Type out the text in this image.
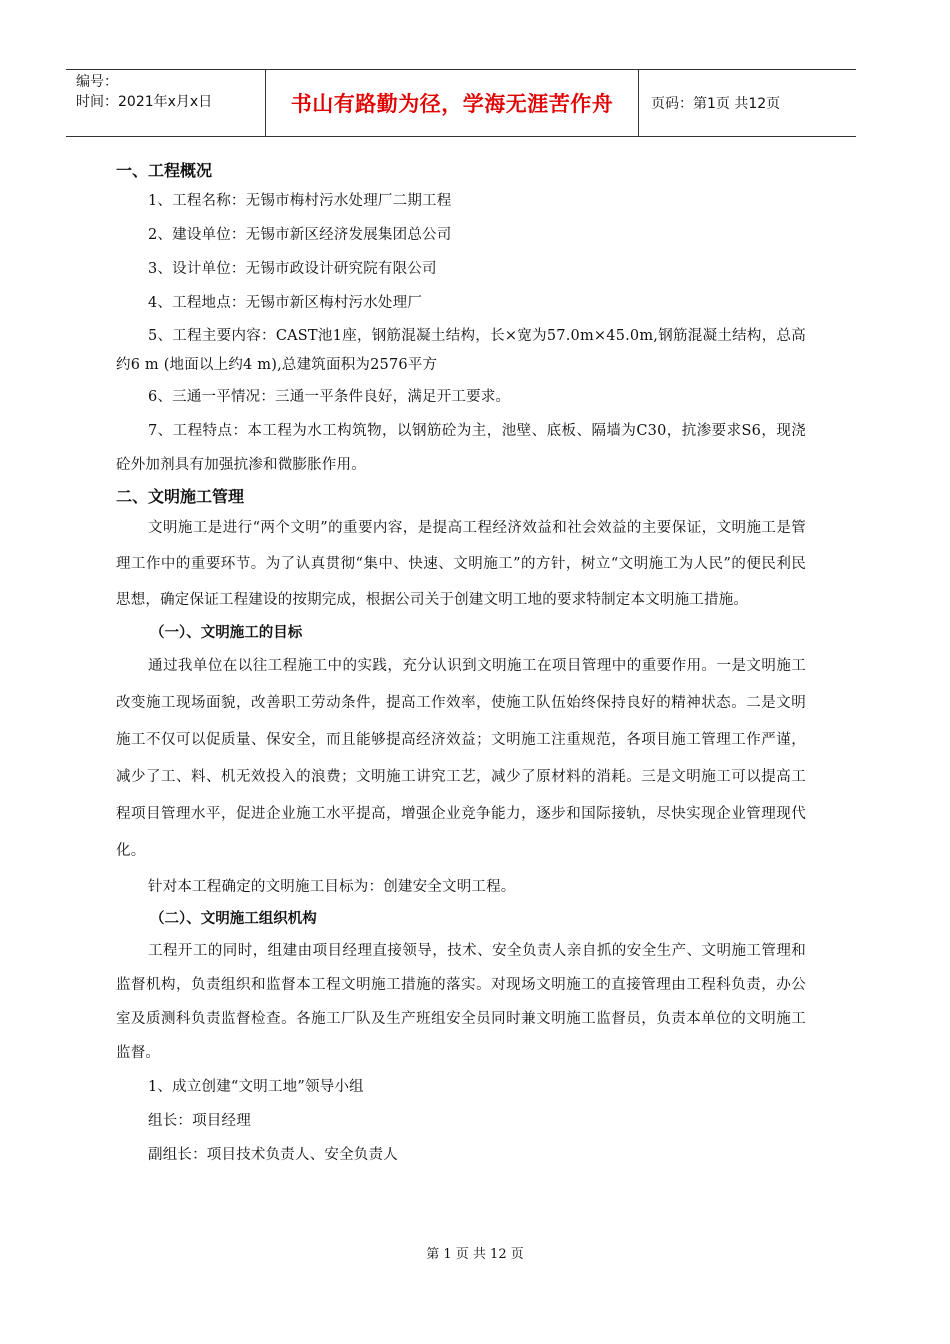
编号：
时间：2021年x月x日	书山有路勤为径，学海无涯苦作舟	页码：第1页 共12页
一、工程概况

1、工程名称：无锡市梅村污水处理厂二期工程

2、建设单位：无锡市新区经济发展集团总公司

3、设计单位：无锡市政设计研究院有限公司

4、工程地点：无锡市新区梅村污水处理厂

5、工程主要内容：CAST池1座，钢筋混凝土结构，长×宽为57.0m×45.0m,钢筋混凝土结构，总高约6 m (地面以上约4 m),总建筑面积为2576平方

6、三通一平情况：三通一平条件良好，满足开工要求。

7、工程特点：本工程为水工构筑物，以钢筋砼为主，池壁、底板、隔墙为C30，抗渗要求S6，现浇砼外加剂具有加强抗渗和微膨胀作用。

二、文明施工管理

文明施工是进行“两个文明”的重要内容，是提高工程经济效益和社会效益的主要保证，文明施工是管理工作中的重要环节。为了认真贯彻“集中、快速、文明施工”的方针，树立“文明施工为人民”的便民利民思想，确定保证工程建设的按期完成，根据公司关于创建文明工地的要求特制定本文明施工措施。

（一）、文明施工的目标

通过我单位在以往工程施工中的实践，充分认识到文明施工在项目管理中的重要作用。一是文明施工改变施工现场面貌，改善职工劳动条件，提高工作效率，使施工队伍始终保持良好的精神状态。二是文明施工不仅可以促质量、保安全，而且能够提高经济效益；文明施工注重规范，各项目施工管理工作严谨，减少了工、料、机无效投入的浪费；文明施工讲究工艺，减少了原材料的消耗。三是文明施工可以提高工程项目管理水平，促进企业施工水平提高，增强企业竞争能力，逐步和国际接轨，尽快实现企业管理现代化。

针对本工程确定的文明施工目标为：创建安全文明工程。

（二）、文明施工组织机构

工程开工的同时，组建由项目经理直接领导，技术、安全负责人亲自抓的安全生产、文明施工管理和监督机构，负责组织和监督本工程文明施工措施的落实。对现场文明施工的直接管理由工程科负责，办公室及质测科负责监督检查。各施工厂队及生产班组安全员同时兼文明施工监督员，负责本单位的文明施工监督。

1、成立创建“文明工地”领导小组

组长：项目经理

副组长：项目技术负责人、安全负责人

第 1 页 共 12 页
